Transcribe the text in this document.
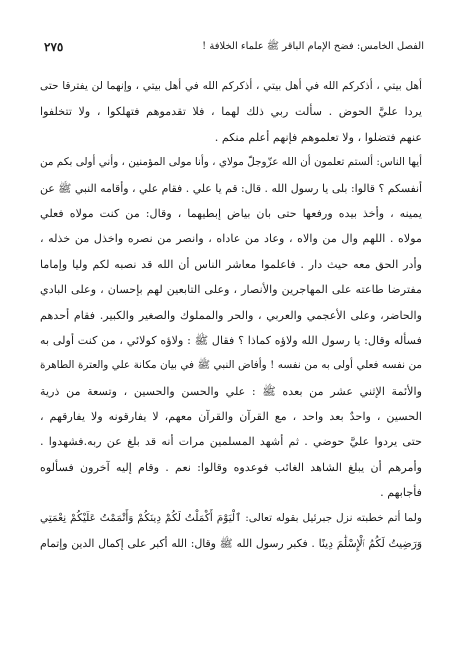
الفصل الخامس: فضح الإمام الباقر ﷺ علماء الخلافة !
٢٧٥
أهل بيتي ، أذكركم الله في أهل بيتي ، أذكركم الله في أهل بيتي ، وإنهما لن يفترقا حتى
يردا عليَّ الحوض . سألت ربي ذلك لهما ، فلا تقدموهم فتهلكوا ، ولا تتخلفوا
عنهم فتضلوا ، ولا تعلموهم فإنهم أعلم منكم .
أيها الناس: ألستم تعلمون أن الله عزّوجلّ مولاي ، وأنا مولى المؤمنين ، وأني أولى بكم من
أنفسكم ؟ قالوا: بلى يا رسول الله . قال: قم يا علي . فقام علي ، وأقامه النبي ﷺ عن
يمينه ، وأخذ بيده ورفعها حتى بان بياض إبطيهما ، وقال: من كنت مولاه فعلي
مولاه . اللهم وال من والاه ، وعاد من عاداه ، وانصر من نصره واخذل من خذله ،
وأدر الحق معه حيث دار . فاعلموا معاشر الناس أن الله قد نصبه لكم وليا وإماما
مفترضا طاعته على المهاجرين والأنصار ، وعلى التابعين لهم بإحسان ، وعلى البادي
والحاضر، وعلى الأعجمي والعربي ، والحر والمملوك والصغير والكبير. فقام أحدهم
فسأله وقال: يا رسول الله ولاؤه كماذا ؟ فقال ﷺ : ولاؤه كولائي ، من كنت أولى به
من نفسه فعلي أولى به من نفسه ! وأفاض النبي ﷺ في بيان مكانة علي والعترة الطاهرة
والأئمة الإثني عشر من بعده ﷺ : علي والحسن والحسين ، وتسعة من ذرية
الحسين ، واحدٌ بعد واحد ، مع القرآن والقرآن معهم، لا يفارقونه ولا يفارقهم ،
حتى يردوا عليَّ حوضي . ثم أشهد المسلمين مرات أنه قد بلغ عن ربه.فشهدوا .
وأمرهم أن يبلغ الشاهد الغائب فوعدوه وقالوا: نعم . وقام إليه آخرون فسألوه
فأجابهم .
ولما أتم خطبته نزل جبرئيل بقوله تعالى: ٱلْيَوْمَ أَكْمَلْتُ لَكُمْ دِينَكُمْ وَأَتْمَمْتُ عَلَيْكُمْ نِعْمَتِي
وَرَضِيتُ لَكُمُ ٱلْإِسْلَٰمَ دِينًا . فكبر رسول الله ﷺ وقال: الله أكبر على إكمال الدين وإتمام
